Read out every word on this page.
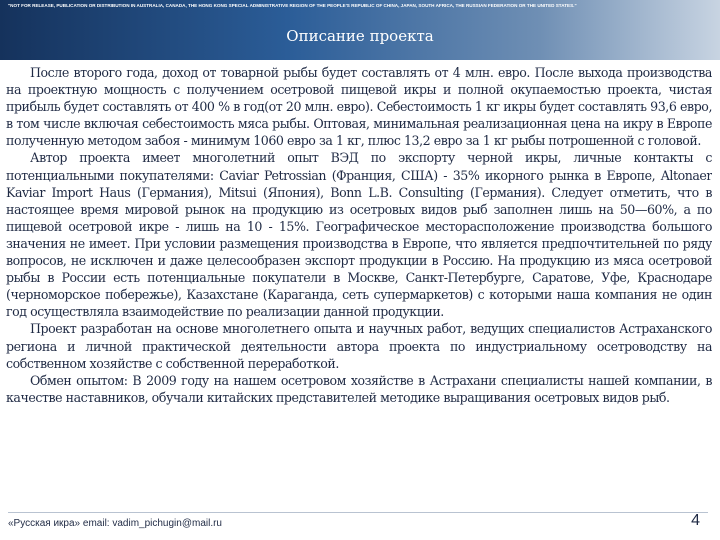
"NOT FOR RELEASE, PUBLICATION OR DISTRIBUTION IN AUSTRALIA, CANADA, THE HONG KONG SPECIAL ADMINISTRATIVE REGION OF THE PEOPLE'S REPUBLIC OF CHINA, JAPAN, SOUTH AFRICA, THE RUSSIAN FEDERATION OR THE UNITED STATES."
Описание проекта

После второго года, доход от товарной рыбы будет составлять от 4 млн. евро. После выхода производства на проектную мощность с получением осетровой пищевой икры и полной окупаемостью проекта, чистая прибыль будет составлять от 400 % в год(от 20 млн. евро). Себестоимость 1 кг икры будет составлять 93,6 евро, в том числе включая себестоимость мяса рыбы. Оптовая, минимальная реализационная цена на икру в Европе полученную методом забоя - минимум 1060 евро за 1 кг, плюс 13,2 евро за 1 кг рыбы потрошенной с головой.

Автор проекта имеет многолетний опыт ВЭД по экспорту черной икры, личные контакты с потенциальными покупателями: Caviar Petrossian (Франция, США) - 35% икорного рынка в Европе, Altonaer Kaviar Import Haus (Германия), Mitsui (Япония), Bonn L.B. Consulting (Германия). Следует отметить, что в настоящее время мировой рынок на продукцию из осетровых видов рыб заполнен лишь на 50—60%, а по пищевой осетровой икре - лишь на 10 - 15%. Географическое месторасположение производства большого значения не имеет. При условии размещения производства в Европе, что является предпочтительней по ряду вопросов, не исключен и даже целесообразен экспорт продукции в Россию. На продукцию из мяса осетровой рыбы в России есть потенциальные покупатели в Москве, Санкт-Петербурге, Саратове, Уфе, Краснодаре (черноморское побережье), Казахстане (Караганда, сеть супермаркетов) с которыми наша компания не один год осуществляла взаимодействие по реализации данной продукции.

Проект разработан на основе многолетнего опыта и научных работ, ведущих специалистов Астраханского региона и личной практической деятельности автора проекта по индустриальному осетроводству на собственном хозяйстве с собственной переработкой.

Обмен опытом: В 2009 году на нашем осетровом хозяйстве в Астрахани специалисты нашей компании, в качестве наставников, обучали китайских представителей методике выращивания осетровых видов рыб.

«Русская икра» email: vadim_pichugin@mail.ru	4
